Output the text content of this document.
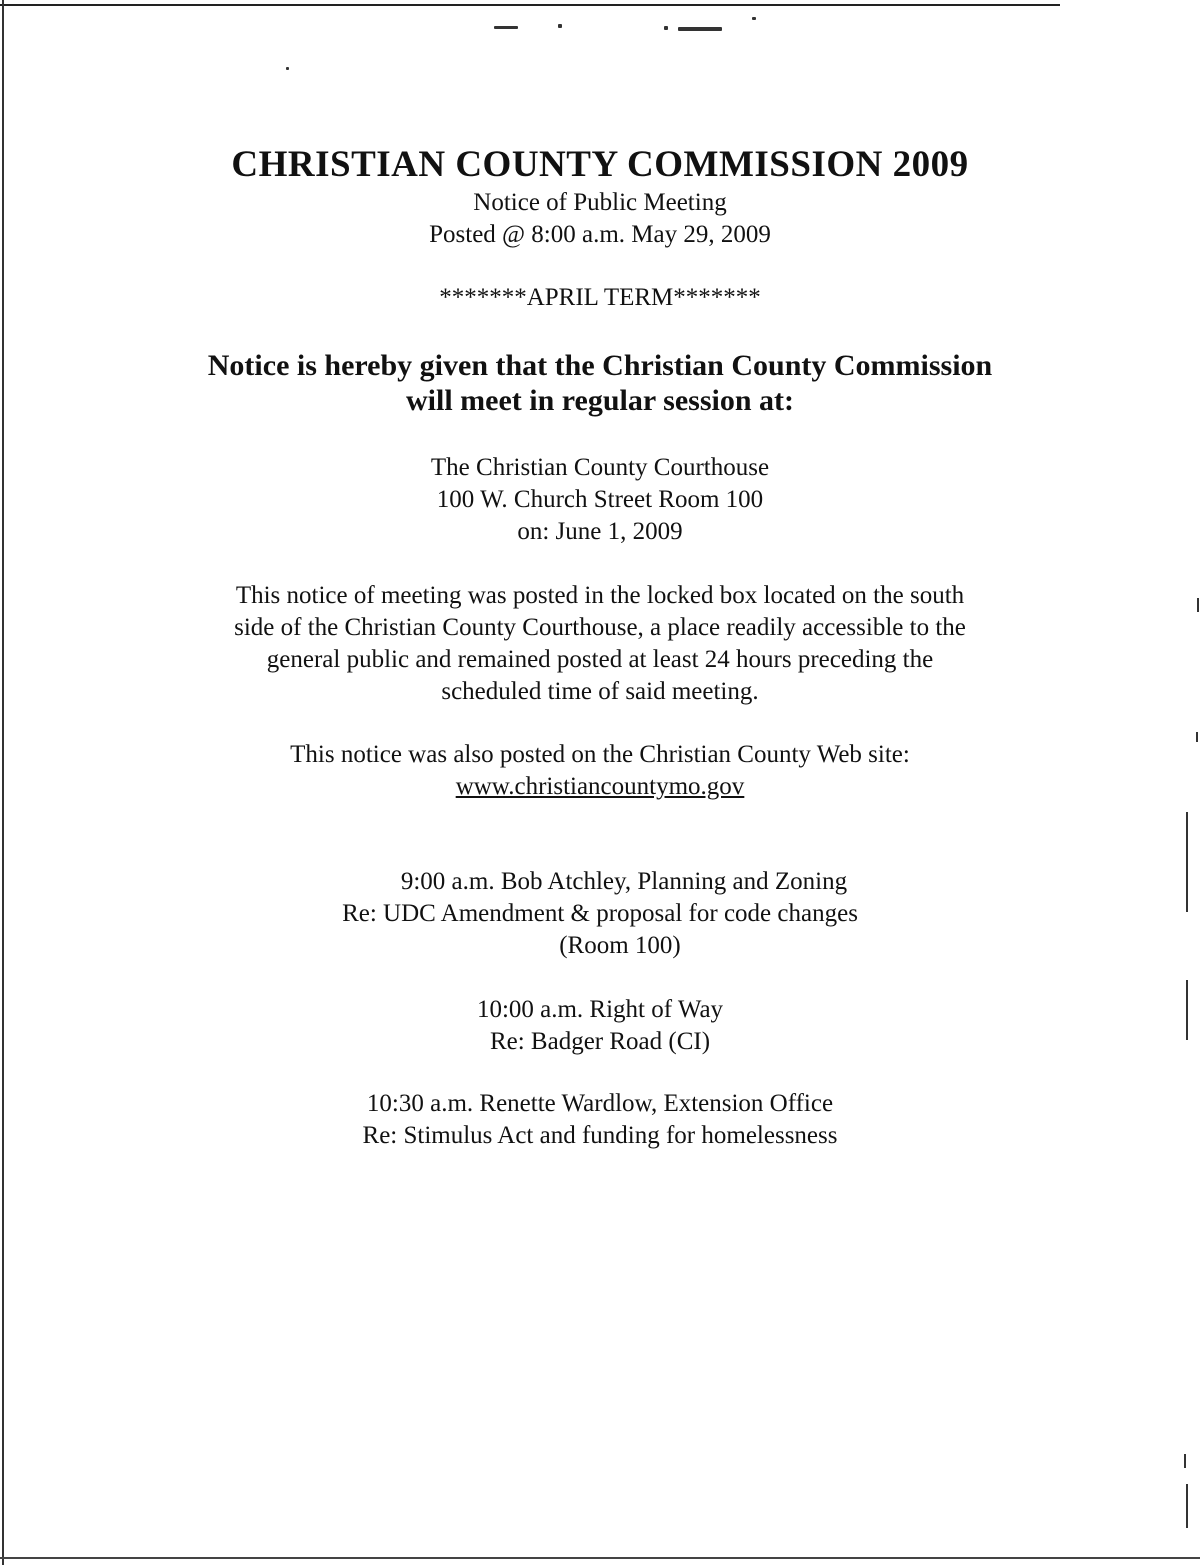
CHRISTIAN COUNTY COMMISSION 2009
Notice of Public Meeting
Posted @ 8:00 a.m. May 29, 2009
*******APRIL TERM*******
Notice is hereby given that the Christian County Commission
will meet in regular session at:
The Christian County Courthouse
100 W. Church Street Room 100
on: June 1, 2009
This notice of meeting was posted in the locked box located on the south
side of the Christian County Courthouse, a place readily accessible to the
general public and remained posted at least 24 hours preceding the
scheduled time of said meeting.
This notice was also posted on the Christian County Web site:
www.christiancountymo.gov
9:00 a.m. Bob Atchley, Planning and Zoning
Re: UDC Amendment & proposal for code changes
(Room 100)
10:00 a.m. Right of Way
Re: Badger Road (CI)
10:30 a.m. Renette Wardlow, Extension Office
Re: Stimulus Act and funding for homelessness
